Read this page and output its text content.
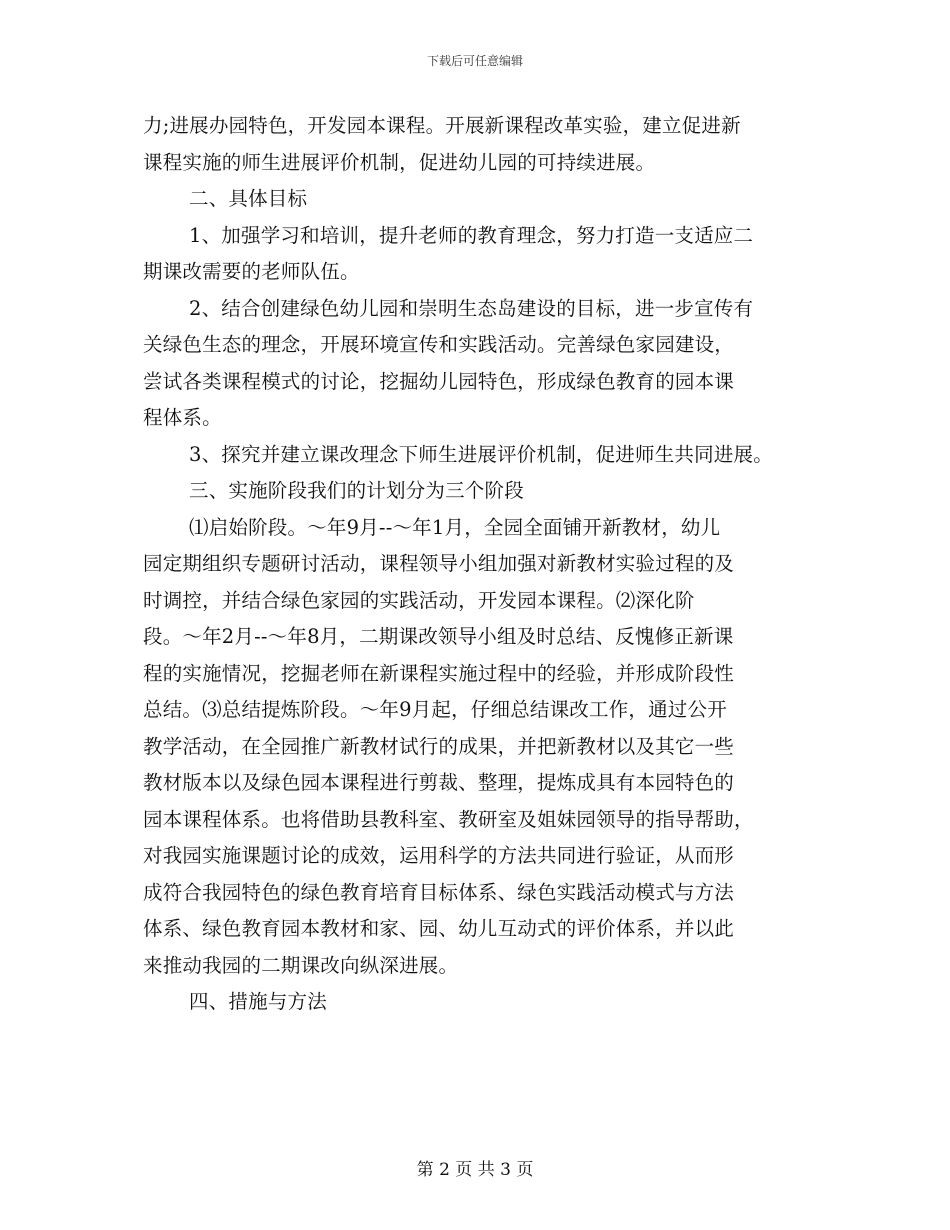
下载后可任意编辑
力;进展办园特色，开发园本课程。开展新课程改革实验，建立促进新
课程实施的师生进展评价机制，促进幼儿园的可持续进展。
二、具体目标
1、加强学习和培训，提升老师的教育理念，努力打造一支适应二
期课改需要的老师队伍。
2、结合创建绿色幼儿园和崇明生态岛建设的目标，进一步宣传有
关绿色生态的理念，开展环境宣传和实践活动。完善绿色家园建设，
尝试各类课程模式的讨论，挖掘幼儿园特色，形成绿色教育的园本课
程体系。
3、探究并建立课改理念下师生进展评价机制，促进师生共同进展。
三、实施阶段我们的计划分为三个阶段
⑴启始阶段。～年9月--～年1月，全园全面铺开新教材，幼儿
园定期组织专题研讨活动，课程领导小组加强对新教材实验过程的及
时调控，并结合绿色家园的实践活动，开发园本课程。⑵深化阶
段。～年2月--～年8月，二期课改领导小组及时总结、反愧修正新课
程的实施情况，挖掘老师在新课程实施过程中的经验，并形成阶段性
总结。⑶总结提炼阶段。～年9月起，仔细总结课改工作，通过公开
教学活动，在全园推广新教材试行的成果，并把新教材以及其它一些
教材版本以及绿色园本课程进行剪裁、整理，提炼成具有本园特色的
园本课程体系。也将借助县教科室、教研室及姐妹园领导的指导帮助，
对我园实施课题讨论的成效，运用科学的方法共同进行验证，从而形
成符合我园特色的绿色教育培育目标体系、绿色实践活动模式与方法
体系、绿色教育园本教材和家、园、幼儿互动式的评价体系，并以此
来推动我园的二期课改向纵深进展。
四、措施与方法
第 2 页 共 3 页
